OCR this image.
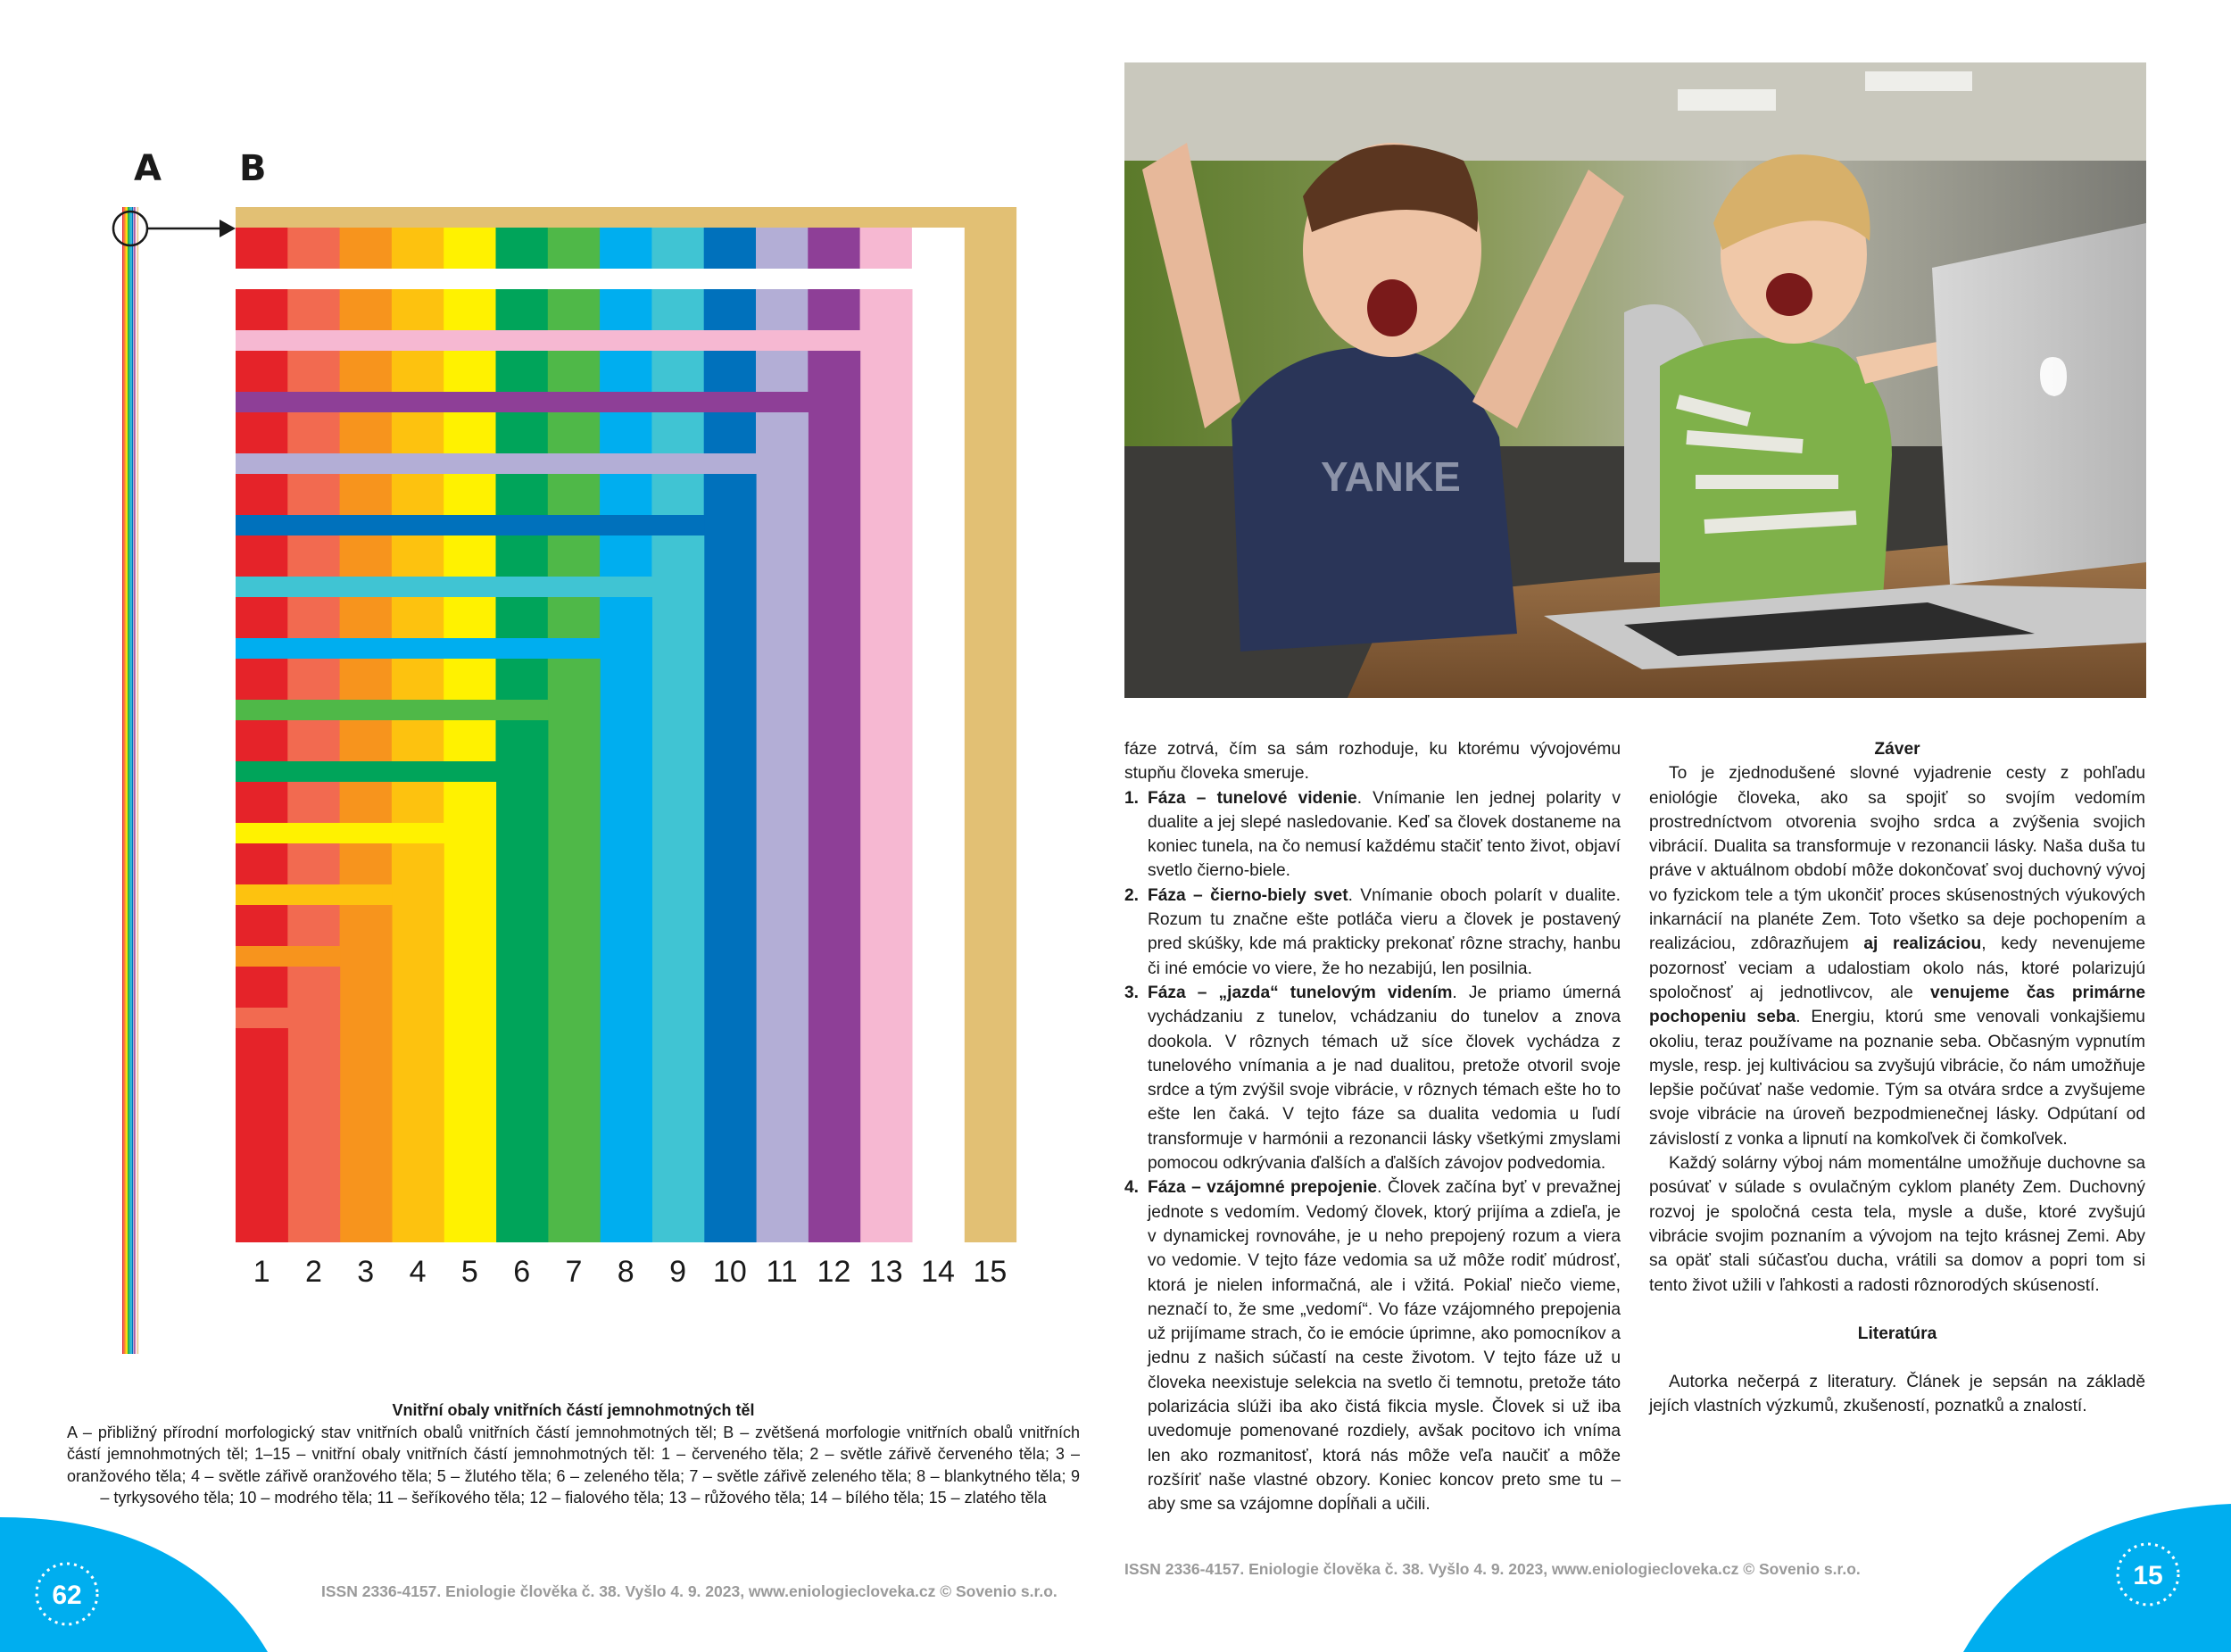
A B
1 2 3 4 5 6 7 8 9 10 11 12 13 14 15
Vnitřní obaly vnitřních částí jemnohmotných těl
A – přibližný přírodní morfologický stav vnitřních obalů vnitřních částí jemnohmotných těl; B – zvětšená morfologie vnitřních obalů vnitřních částí jemnohmotných těl; 1–15 – vnitřní obaly vnitřních částí jemnohmotných těl: 1 – červeného těla; 2 – světle zářivě červeného těla; 3 – oranžového těla; 4 – světle zářivě oranžového těla; 5 – žlutého těla; 6 – zeleného těla; 7 – světle zářivě zeleného těla; 8 – blankytného těla; 9 – tyrkysového těla; 10 – modrého těla; 11 – šeříkového těla; 12 – fialového těla; 13 – růžového těla; 14 – bílého těla; 15 – zlatého těla
YANKE

fáze zotrvá, čím sa sám rozhoduje, ku ktorému vývojovému stupňu človeka smeruje.

1. Fáza – tunelové videnie. Vnímanie len jednej polarity v dualite a jej slepé nasledovanie. Keď sa človek dostaneme na koniec tunela, na čo nemusí každému stačiť tento život, objaví svetlo čierno-biele.
2. Fáza – čierno-biely svet. Vnímanie oboch polarít v dualite. Rozum tu značne ešte potláča vieru a človek je postavený pred skúšky, kde má prakticky prekonať rôzne strachy, hanbu či iné emócie vo viere, že ho nezabijú, len posilnia.
3. Fáza – „jazda“ tunelovým videním. Je priamo úmerná vychádzaniu z tunelov, vchádzaniu do tunelov a znova dookola. V rôznych témach už síce človek vychádza z tunelového vnímania a je nad dualitou, pretože otvoril svoje srdce a tým zvýšil svoje vibrácie, v rôznych témach ešte ho to ešte len čaká. V tejto fáze sa dualita vedomia u ľudí transformuje v harmónii a rezonancii lásky všetkými zmyslami pomocou odkrývania ďalších a ďalších závojov podvedomia.
4. Fáza – vzájomné prepojenie. Človek začína byť v prevažnej jednote s vedomím. Vedomý človek, ktorý prijíma a zdieľa, je v dynamickej rovnováhe, je u neho prepojený rozum a viera vo vedomie. V tejto fáze vedomia sa už môže rodiť múdrosť, ktorá je nielen informačná, ale i vžitá. Pokiaľ niečo vieme, neznačí to, že sme „vedomí“. Vo fáze vzájomného prepojenia už prijímame strach, čo ie emócie úprimne, ako pomocníkov a jednu z našich súčastí na ceste životom. V tejto fáze už u človeka neexistuje selekcia na svetlo či temnotu, pretože táto polarizácia slúži iba ako čistá fikcia mysle. Človek si už iba uvedomuje pomenované rozdiely, avšak pocitovo ich vníma len ako rozmanitosť, ktorá nás môže veľa naučiť a môže rozšíriť naše vlastné obzory. Koniec koncov preto sme tu – aby sme sa vzájomne dopĺňali a učili.

Záver

To je zjednodušené slovné vyjadrenie cesty z pohľadu eniológie človeka, ako sa spojiť so svojím vedomím prostredníctvom otvorenia svojho srdca a zvýšenia svojich vibrácií. Dualita sa transformuje v rezonancii lásky. Naša duša tu práve v aktuálnom období môže dokončovať svoj duchovný vývoj vo fyzickom tele a tým ukončiť proces skúsenostných výukových inkarnácií na planéte Zem. Toto všetko sa deje pochopením a realizáciou, zdôrazňujem aj realizáciou, kedy nevenujeme pozornosť veciam a udalostiam okolo nás, ktoré polarizujú spoločnosť aj jednotlivcov, ale venujeme čas primárne pochopeniu seba. Energiu, ktorú sme venovali vonkajšiemu okoliu, teraz používame na poznanie seba. Občasným vypnutím mysle, resp. jej kultiváciou sa zvyšujú vibrácie, čo nám umožňuje lepšie počúvať naše vedomie. Tým sa otvára srdce a zvyšujeme svoje vibrácie na úroveň bezpodmienečnej lásky. Odpútaní od závislostí z vonka a lipnutí na komkoľvek či čomkoľvek.

Každý solárny výboj nám momentálne umožňuje duchovne sa posúvať v súlade s ovulačným cyklom planéty Zem. Duchovný rozvoj je spoločná cesta tela, mysle a duše, ktoré zvyšujú vibrácie svojim poznaním a vývojom na tejto krásnej Zemi. Aby sa opäť stali súčasťou ducha, vrátili sa domov a popri tom si tento život užili v ľahkosti a radosti rôznorodých skúseností.

Literatúra

Autorka nečerpá z literatury. Článek je sepsán na základě jejích vlastních výzkumů, zkušeností, poznatků a znalostí.

62	ISSN 2336-4157. Eniologie člověka č. 38. Vyšlo 4. 9. 2023, www.eniologiecloveka.cz © Sovenio s.r.o.
ISSN 2336-4157. Eniologie člověka č. 38. Vyšlo 4. 9. 2023, www.eniologiecloveka.cz © Sovenio s.r.o.	15
